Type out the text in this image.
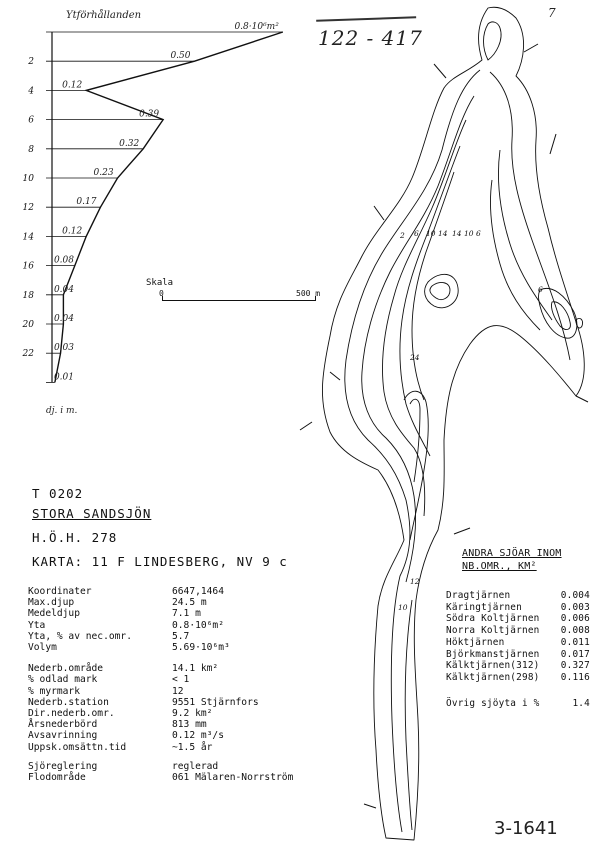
7
122 - 417
Ytförhållanden
2
4
6
8
10
12
14
16
18
20
22
0.8·10⁶m²
0.50
0.12
0.39
0.32
0.23
0.17
0.12
0.08
0.04
0.04
0.03
0.01
dj. i m.
Skala
0	500 m
T 0202
STORA SANDSJÖN
H.Ö.H. 278
KARTA: 11 F LINDESBERG, NV 9 c
Koordinater	6647,1464
Max.djup	24.5 m
Medeldjup	7.1 m
Yta	0.8·10⁶m²
Yta, % av nec.omr.	5.7
Volym	5.69·10⁶m³
Nederb.område	14.1 km²
% odlad mark	< 1
% myrmark	12
Nederb.station	9551 Stjärnfors
Dir.nederb.omr.	9.2 km²
Årsnederbörd	813 mm
Avsavrinning	0.12 m³/s
Uppsk.omsättn.tid	~1.5 år
Sjöreglering	reglerad
Flodområde	061 Mälaren-Norrström
ANDRA SJÖAR INOM
NB.OMR., KM²
Dragtjärnen	0.004
Käringtjärnen	0.003
Södra Koltjärnen 0.006
Norra Koltjärnen 0.008
Höktjärnen	0.011
Björkmanstjärnen 0.017
Kälktjärnen(312) 0.327
Kälktjärnen(298) 0.116
Övrig sjöyta i %	1.4
2 6 10 14 14 10 6
24
12
6
10
3-1641
